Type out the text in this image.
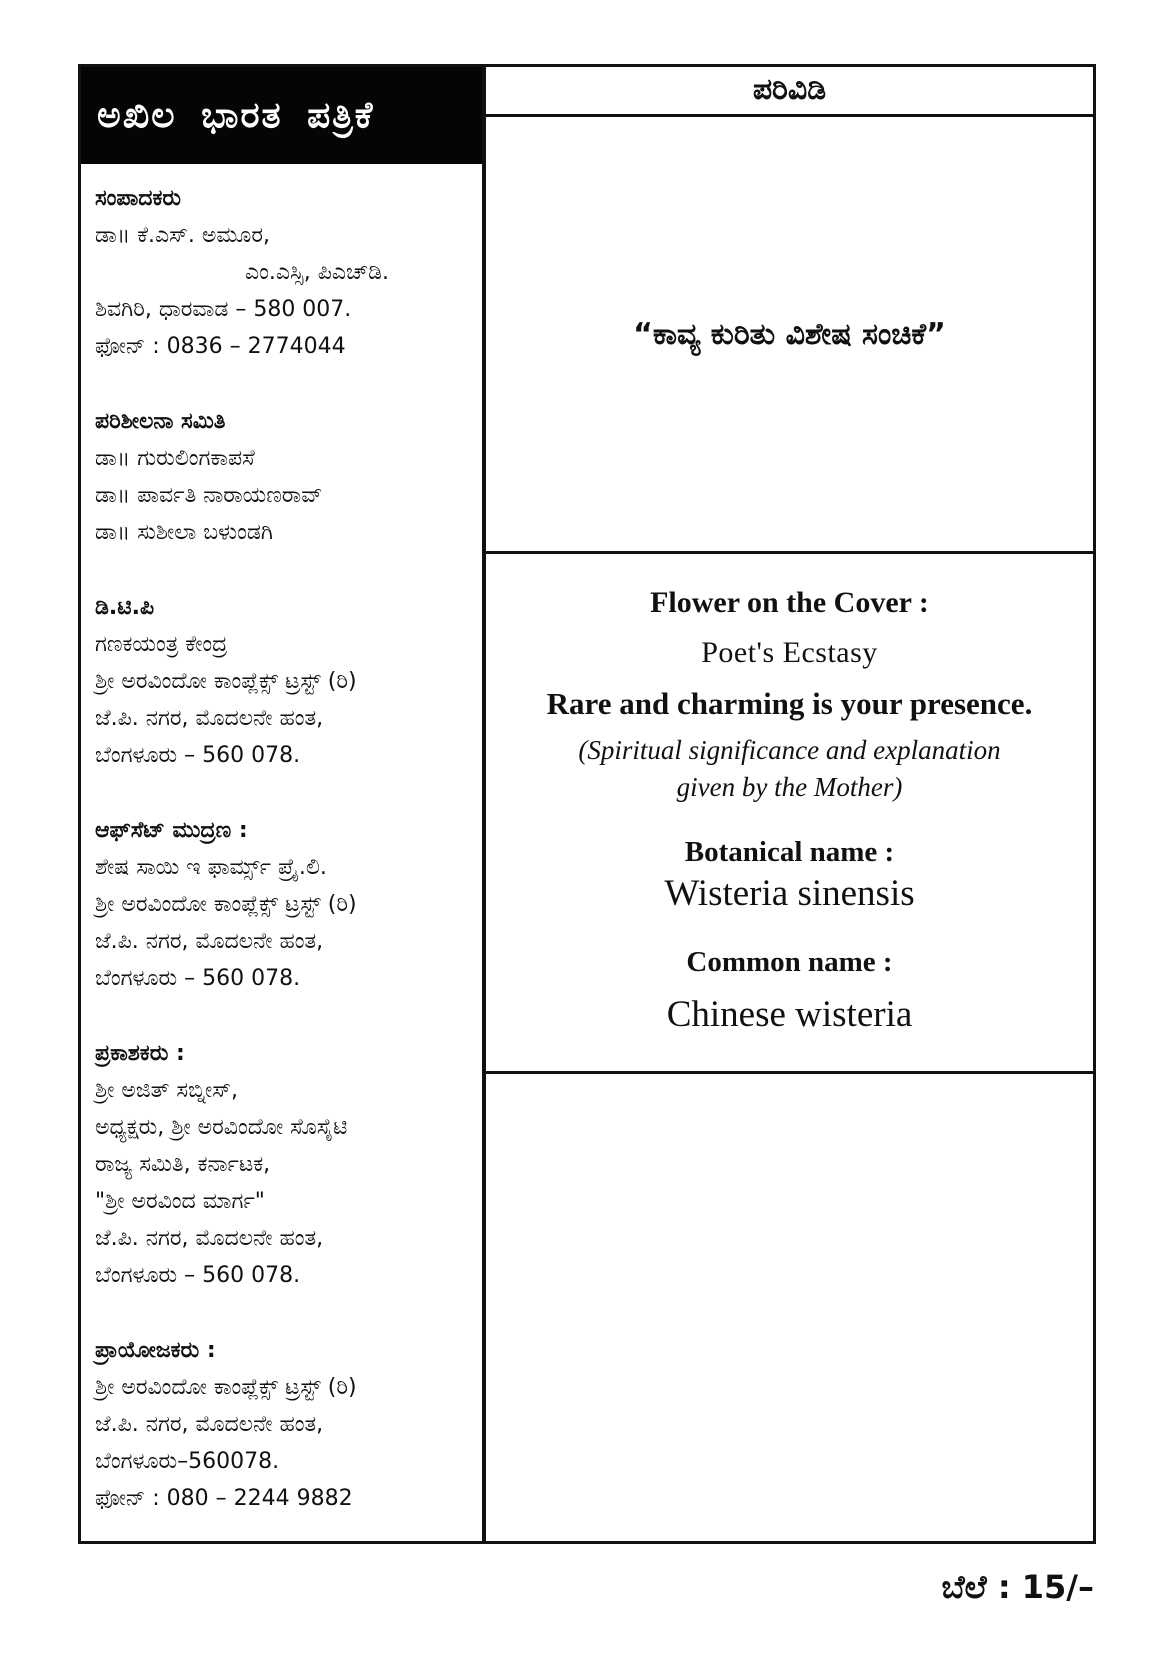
ಅಖಿಲ ಭಾರತ ಪತ್ರಿಕೆ
ಸಂಪಾದಕರು
ಡಾ॥ ಕೆ.ಎಸ್. ಅಮೂರ,
ಎಂ.ಎಸ್ಸಿ, ಪಿಎಚ್‌ಡಿ.
ಶಿವಗಿರಿ, ಧಾರವಾಡ – 580 007.
ಫೋನ್ : 0836 – 2774044
ಪರಿಶೀಲನಾ ಸಮಿತಿ
ಡಾ॥ ಗುರುಲಿಂಗಕಾಪಸೆ
ಡಾ॥ ಪಾರ್ವತಿ ನಾರಾಯಣರಾವ್
ಡಾ॥ ಸುಶೀಲಾ ಬಳುಂಡಗಿ
ಡಿ.ಟಿ.ಪಿ
ಗಣಕಯಂತ್ರ ಕೇಂದ್ರ
ಶ್ರೀ ಅರವಿಂದೋ ಕಾಂಪ್ಲೆಕ್ಸ್ ಟ್ರಸ್ಟ್ (ರಿ)
ಜೆ.ಪಿ. ನಗರ, ಮೊದಲನೇ ಹಂತ,
ಬೆಂಗಳೂರು – 560 078.
ಆಫ್‌ಸೆಟ್ ಮುದ್ರಣ :
ಶೇಷ ಸಾಯಿ ಇ ಫಾರ್ಮ್ಸ್ ಪ್ರೈ.ಲಿ.
ಶ್ರೀ ಅರವಿಂದೋ ಕಾಂಪ್ಲೆಕ್ಸ್ ಟ್ರಸ್ಟ್ (ರಿ)
ಜೆ.ಪಿ. ನಗರ, ಮೊದಲನೇ ಹಂತ,
ಬೆಂಗಳೂರು – 560 078.
ಪ್ರಕಾಶಕರು :
ಶ್ರೀ ಅಜಿತ್ ಸಬ್ನೀಸ್,
ಅಧ್ಯಕ್ಷರು, ಶ್ರೀ ಅರವಿಂದೋ ಸೊಸೈಟಿ
ರಾಜ್ಯ ಸಮಿತಿ, ಕರ್ನಾಟಕ,
"ಶ್ರೀ ಅರವಿಂದ ಮಾರ್ಗ"
ಜೆ.ಪಿ. ನಗರ, ಮೊದಲನೇ ಹಂತ,
ಬೆಂಗಳೂರು – 560 078.
ಪ್ರಾಯೋಜಕರು :
ಶ್ರೀ ಅರವಿಂದೋ ಕಾಂಪ್ಲೆಕ್ಸ್ ಟ್ರಸ್ಟ್ (ರಿ)
ಜೆ.ಪಿ. ನಗರ, ಮೊದಲನೇ ಹಂತ,
ಬೆಂಗಳೂರು–560078.
ಫೋನ್ : 080 – 2244 9882
ಪರಿವಿಡಿ
“ಕಾವ್ಯ ಕುರಿತು ವಿಶೇಷ ಸಂಚಿಕೆ”
Flower on the Cover :
Poet's Ecstasy
Rare and charming is your presence.
(Spiritual significance and explanation
given by the Mother)
Botanical name :
Wisteria sinensis
Common name :
Chinese wisteria
ಬೆಲೆ : 15/–
